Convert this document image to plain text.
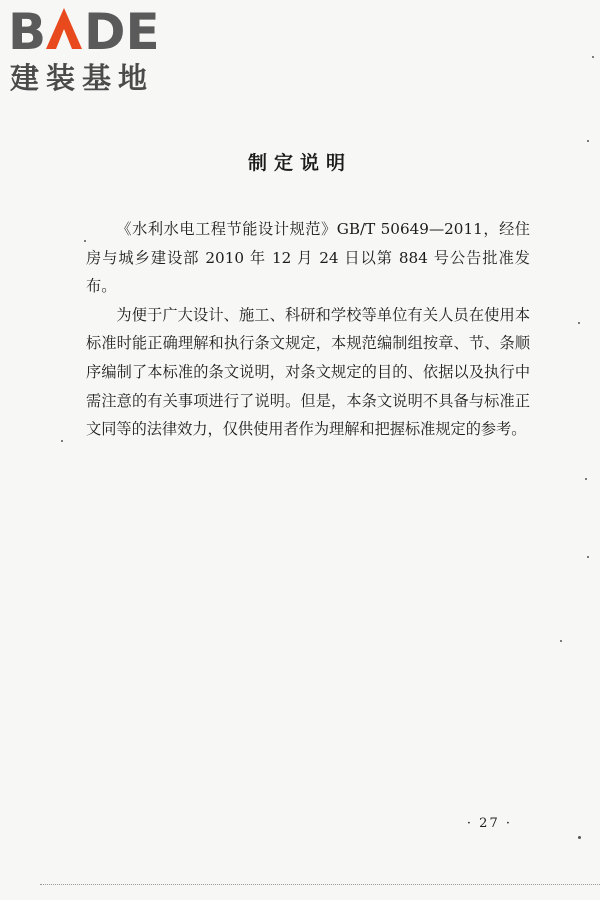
B DE
建装基地
制定说明

《水利水电工程节能设计规范》GB/T 50649—2011，经住房与城乡建设部 2010 年 12 月 24 日以第 884 号公告批准发布。

为便于广大设计、施工、科研和学校等单位有关人员在使用本标准时能正确理解和执行条文规定，本规范编制组按章、节、条顺序编制了本标准的条文说明，对条文规定的目的、依据以及执行中需注意的有关事项进行了说明。但是，本条文说明不具备与标准正文同等的法律效力，仅供使用者作为理解和把握标准规定的参考。

· 27 ·
